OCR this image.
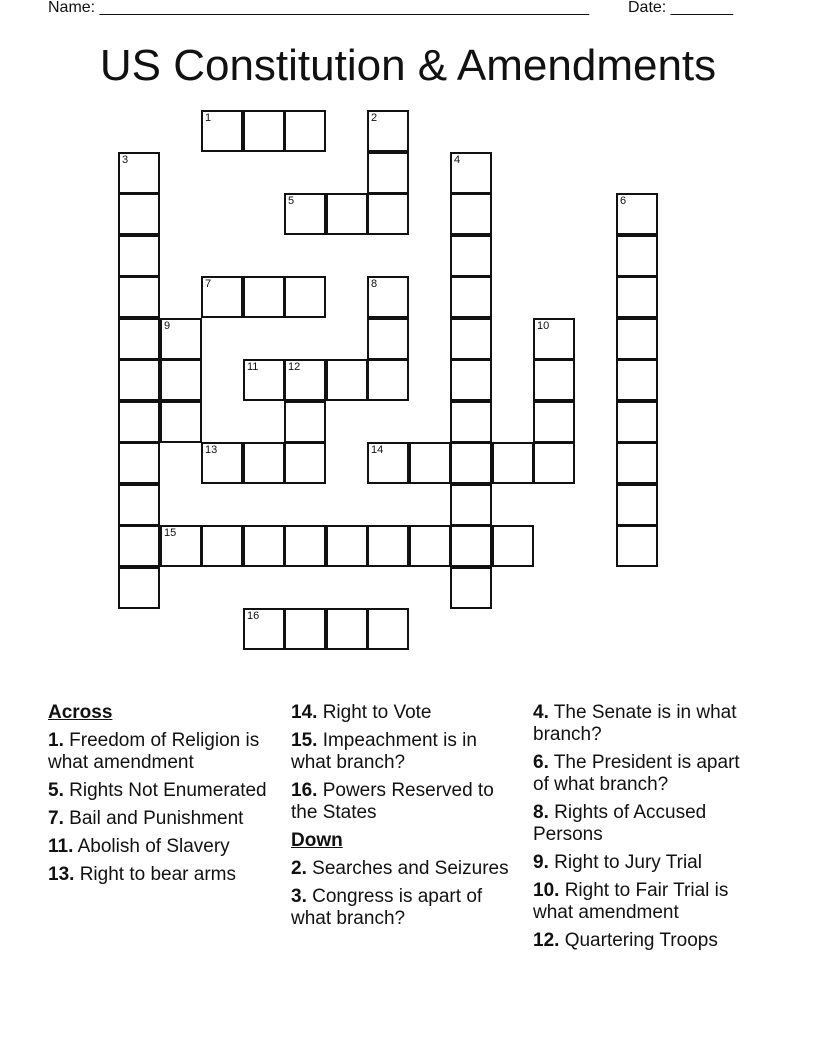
Name: _______________________________________________________ Date: _______
US Constitution & Amendments
1	2
5
3	4
6
7	8
9	10
11	12
13	14
15
16
Across
1. Freedom of Religion is what amendment
5. Rights Not Enumerated
7. Bail and Punishment
11. Abolish of Slavery
13. Right to bear arms
14. Right to Vote
15. Impeachment is in what branch?
16. Powers Reserved to the States
Down
2. Searches and Seizures
3. Congress is apart of what branch?
4. The Senate is in what branch?
6. The President is apart of what branch?
8. Rights of Accused Persons
9. Right to Jury Trial
10. Right to Fair Trial is what amendment
12. Quartering Troops
